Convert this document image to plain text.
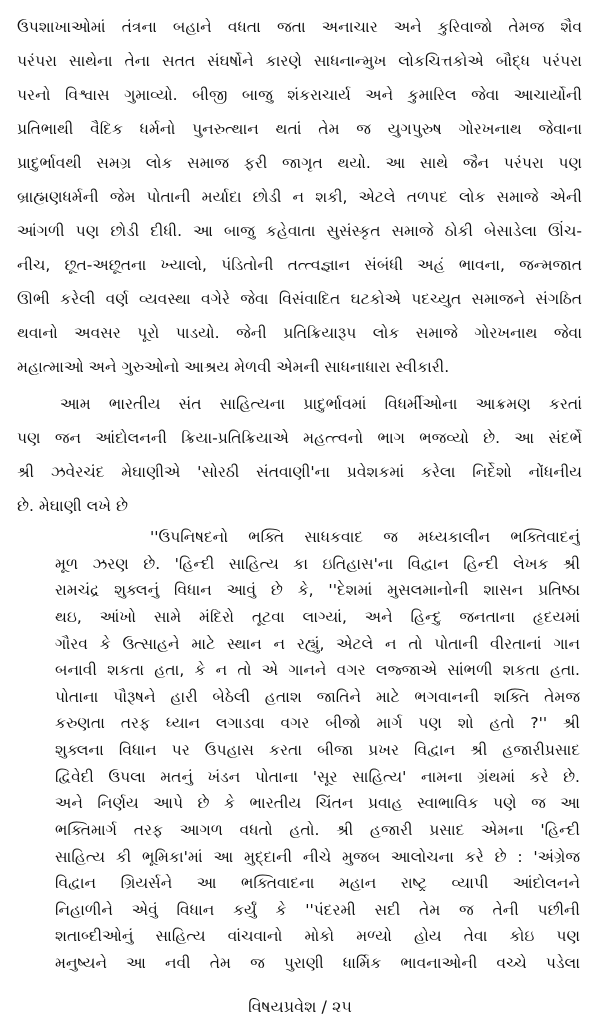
ઉપશાખાઓમાં તંત્રના બહાને વધતા જતા અનાચાર અને કુરિવાજો તેમજ શૈવ
પરંપરા સાથેના તેના સતત સંઘર્ષોને કારણે સાધનાન્મુખ લોકચિત્તકોએ બૌદ્ધ પરંપરા
પરનો વિશ્વાસ ગુમાવ્યો. બીજી બાજુ શંકરાચાર્ય અને કુમારિલ જેવા આચાર્યોની
પ્રતિભાથી વૈદિક ધર્મનો પુનરુત્થાન થતાં તેમ જ યુગપુરુષ ગોરખનાથ જેવાના
પ્રાદુર્ભાવથી સમગ્ર લોક સમાજ ફરી જાગૃત થયો. આ સાથે જૈન પરંપરા પણ
બ્રાહ્મણધર્મની જેમ પોતાની મર્યાદા છોડી ન શકી, એટલે તળપદ લોક સમાજે એની
આંગળી પણ છોડી દીધી. આ બાજુ કહેવાતા સુસંસ્કૃત સમાજે ઠોકી બેસાડેલા ઊંચ-
નીચ, છૂત-અછૂતના ખ્યાલો, પંડિતોની તત્ત્વજ્ઞાન સંબંધી અહં ભાવના, જન્મજાત
ઊભી કરેલી વર્ણ વ્યવસ્થા વગેરે જેવા વિસંવાદિત ઘટકોએ પદચ્યુત સમાજને સંગઠિત
થવાનો અવસર પૂરો પાડયો. જેની પ્રતિક્રિયારૂપ લોક સમાજે ગોરખનાથ જેવા
મહાત્માઓ અને ગુરુઓનો આશ્રય મેળવી એમની સાધનાધારા સ્વીકારી.
આમ ભારતીય સંત સાહિત્યના પ્રાદુર્ભાવમાં વિધર્મીઓના આક્રમણ કરતાં
પણ જન આંદોલનની ક્રિયા-પ્રતિક્રિયાએ મહત્ત્વનો ભાગ ભજવ્યો છે. આ સંદર્ભે
શ્રી ઝવેરચંદ મેઘાણીએ 'સોરઠી સંતવાણી'ના પ્રવેશકમાં કરેલા નિર્દેશો નોંધનીય
છે. મેઘાણી લખે છે
''ઉપનિષદનો ભક્તિ સાધકવાદ જ મધ્યકાલીન ભક્તિવાદનું
મૂળ ઝરણ છે. 'હિન્દી સાહિત્ય કા ઇતિહાસ'ના વિદ્વાન હિન્દી લેખક શ્રી
રામચંદ્ર શુક્લનું વિધાન આવું છે કે, ''દેશમાં મુસલમાનોની શાસન પ્રતિષ્ઠા
થઇ, આંખો સામે મંદિરો તૂટવા લાગ્યાં, અને હિન્દુ જનતાના હૃદયમાં
ગૌરવ કે ઉત્સાહને માટે સ્થાન ન રહ્યું, એટલે ન તો પોતાની વીરતાનાં ગાન
બનાવી શકતા હતા, કે ન તો એ ગાનને વગર લજ્જાએ સાંભળી શકતા હતા.
પોતાના પૌરૂષને હારી બેઠેલી હતાશ જાતિને માટે ભગવાનની શક્તિ તેમજ
કરુણતા તરફ ધ્યાન લગાડવા વગર બીજો માર્ગ પણ શો હતો ?'' શ્રી
શુક્લના વિધાન પર ઉપહાસ કરતા બીજા પ્રખર વિદ્વાન શ્રી હજારીપ્રસાદ
દ્વિવેદી ઉપલા મતનું ખંડન પોતાના 'સૂર સાહિત્ય' નામના ગ્રંથમાં કરે છે.
અને નિર્ણય આપે છે કે ભારતીય ચિંતન પ્રવાહ સ્વાભાવિક પણે જ આ
ભક્તિમાર્ગ તરફ આગળ વધતો હતો. શ્રી હજારી પ્રસાદ એમના 'હિન્દી
સાહિત્ય કી ભૂમિકા'માં આ મુદ્દાની નીચે મુજબ આલોચના કરે છે : 'અંગ્રેજ
વિદ્વાન ગ્રિયર્સને આ ભક્તિવાદના મહાન રાષ્ટ્ર વ્યાપી આંદોલનને
નિહાળીને એવું વિધાન કર્યું કે ''પંદરમી સદી તેમ જ તેની પછીની
શતાબ્દીઓનું સાહિત્ય વાંચવાનો મોકો મળ્યો હોય તેવા કોઇ પણ
મનુષ્યને આ નવી તેમ જ પુરાણી ધાર્મિક ભાવનાઓની વચ્ચે પડેલા
વિષયપ્રવેશ / ૨૫
